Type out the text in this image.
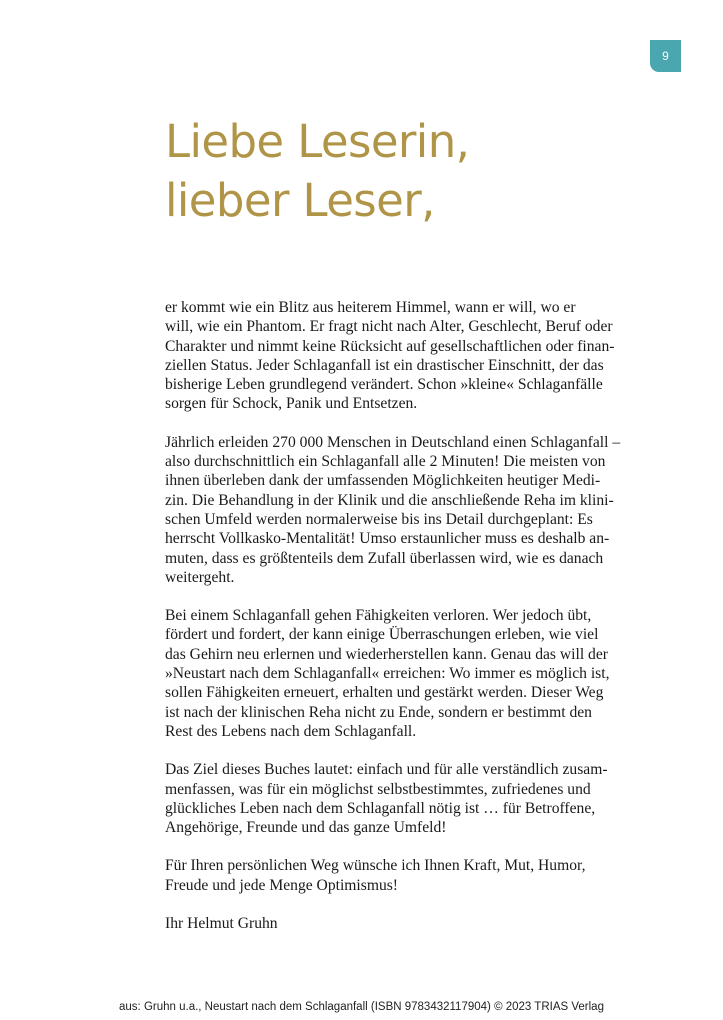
9
Liebe Leserin,
lieber Leser,

er kommt wie ein Blitz aus heiterem Himmel, wann er will, wo er
will, wie ein Phantom. Er fragt nicht nach Alter, Geschlecht, Beruf oder
Charakter und nimmt keine Rücksicht auf gesellschaftlichen oder finan-
ziellen Status. Jeder Schlaganfall ist ein drastischer Einschnitt, der das
bisherige Leben grundlegend verändert. Schon »kleine« Schlaganfälle
sorgen für Schock, Panik und Entsetzen.

Jährlich erleiden 270 000 Menschen in Deutschland einen Schlaganfall –
also durchschnittlich ein Schlaganfall alle 2 Minuten! Die meisten von
ihnen überleben dank der umfassenden Möglichkeiten heutiger Medi-
zin. Die Behandlung in der Klinik und die anschließende Reha im klini-
schen Umfeld werden normalerweise bis ins Detail durchgeplant: Es
herrscht Vollkasko-Mentalität! Umso erstaunlicher muss es deshalb an-
muten, dass es größtenteils dem Zufall überlassen wird, wie es danach
weitergeht.

Bei einem Schlaganfall gehen Fähigkeiten verloren. Wer jedoch übt,
fördert und fordert, der kann einige Überraschungen erleben, wie viel
das Gehirn neu erlernen und wiederherstellen kann. Genau das will der
»Neustart nach dem Schlaganfall« erreichen: Wo immer es möglich ist,
sollen Fähigkeiten erneuert, erhalten und gestärkt werden. Dieser Weg
ist nach der klinischen Reha nicht zu Ende, sondern er bestimmt den
Rest des Lebens nach dem Schlaganfall.

Das Ziel dieses Buches lautet: einfach und für alle verständlich zusam-
menfassen, was für ein möglichst selbstbestimmtes, zufriedenes und
glückliches Leben nach dem Schlaganfall nötig ist … für Betroffene,
Angehörige, Freunde und das ganze Umfeld!

Für Ihren persönlichen Weg wünsche ich Ihnen Kraft, Mut, Humor,
Freude und jede Menge Optimismus!

Ihr Helmut Gruhn

aus: Gruhn u.a., Neustart nach dem Schlaganfall (ISBN 9783432117904) © 2023 TRIAS Verlag
